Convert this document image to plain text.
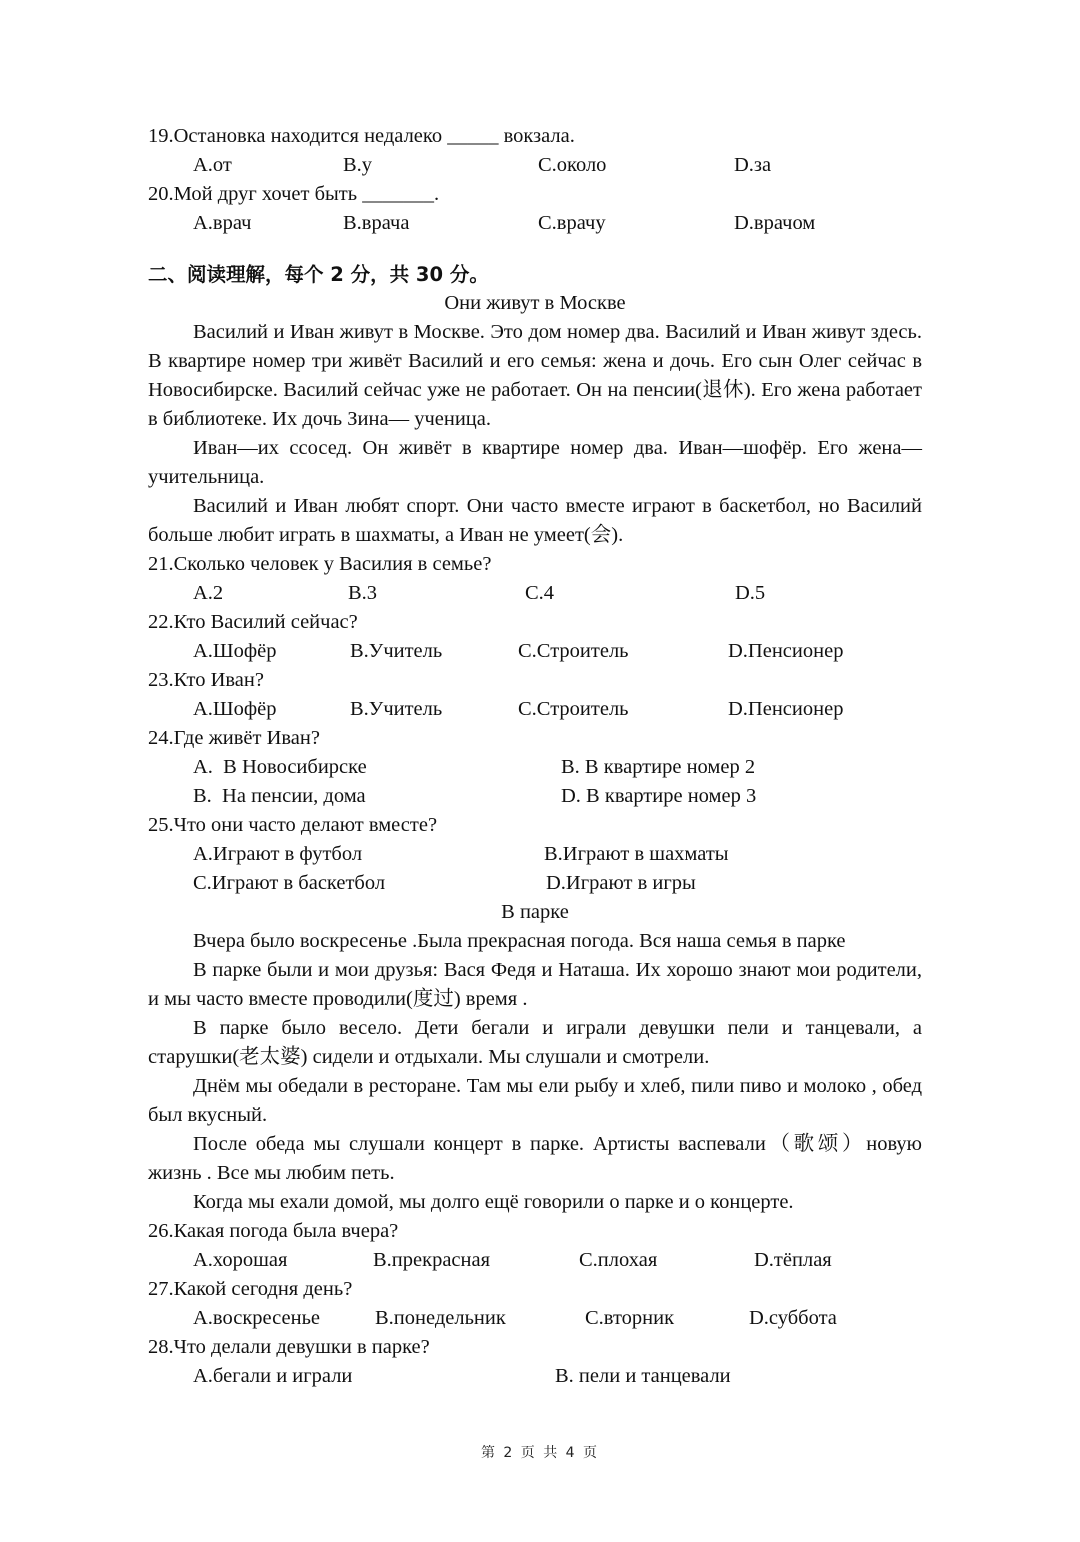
19.Остановка находится недалеко _____ вокзала.
A.от	B.у	C.около	D.за
20.Мой друг хочет быть _______.
A.врач	B.врача	C.врачу	D.врачом
二、阅读理解，每个 2 分，共 30 分。
Они живут в Москве

Василий и Иван живут в Москве. Это дом номер два. Василий и Иван живут здесь. В квартире номер три живёт Василий и его семья: жена и дочь. Его сын Олег сейчас в Новосибирске. Василий сейчас уже не работает. Он на пенсии(退休). Его жена работает в библиотеке. Их дочь Зина— ученица.

Иван—их ссосед. Он живёт в квартире номер два. Иван—шофёр. Его жена— учительница.

Василий и Иван любят спорт. Они часто вместе играют в баскетбол, но Василий больше любит играть в шахматы, а Иван не умеет(会).

21.Сколько человек у Василия в семье?
A.2	B.3	C.4	D.5
22.Кто Василий сейчас?
A.Шофёр	B.Учитель	C.Строитель	D.Пенсионер
23.Кто Иван?
A.Шофёр	B.Учитель	C.Строитель	D.Пенсионер
24.Где живёт Иван?
A.  В Новосибирске	B. В квартире номер 2
B.  На пенсии, дома	D. В квартире номер 3
25.Что они часто делают вместе?
A.Играют в футбол	B.Играют в шахматы
C.Играют в баскетбол	D.Играют в игры
В парке

Вчера было воскресенье .Была прекрасная погода. Вся наша семья в парке

В парке были и мои друзья: Вася Федя и Наташа. Их хорошо знают мои родители, и мы часто вместе проводили(度过) время .

В парке было весело. Дети бегали и играли девушки пели и танцевали, а старушки(老太婆) сидели и отдыхали. Мы слушали и смотрели.

Днём мы обедали в ресторане. Там мы ели рыбу и хлеб, пили пиво и молоко , обед был вкусный.

После обеда мы слушали концерт в парке. Артисты васпевали（歌颂）новую жизнь . Все мы любим петь.

Когда мы ехали домой, мы долго ещё говорили о парке и о концерте.

26.Какая погода была вчера?
A.хорошая	B.прекрасная	C.плохая	D.тёплая
27.Какой сегодня день?
A.воскресенье	B.понедельник	C.вторник	D.суббота
28.Что делали девушки в парке?
A.бегали и играли	B. пели и танцевали
第 2 页 共 4 页
